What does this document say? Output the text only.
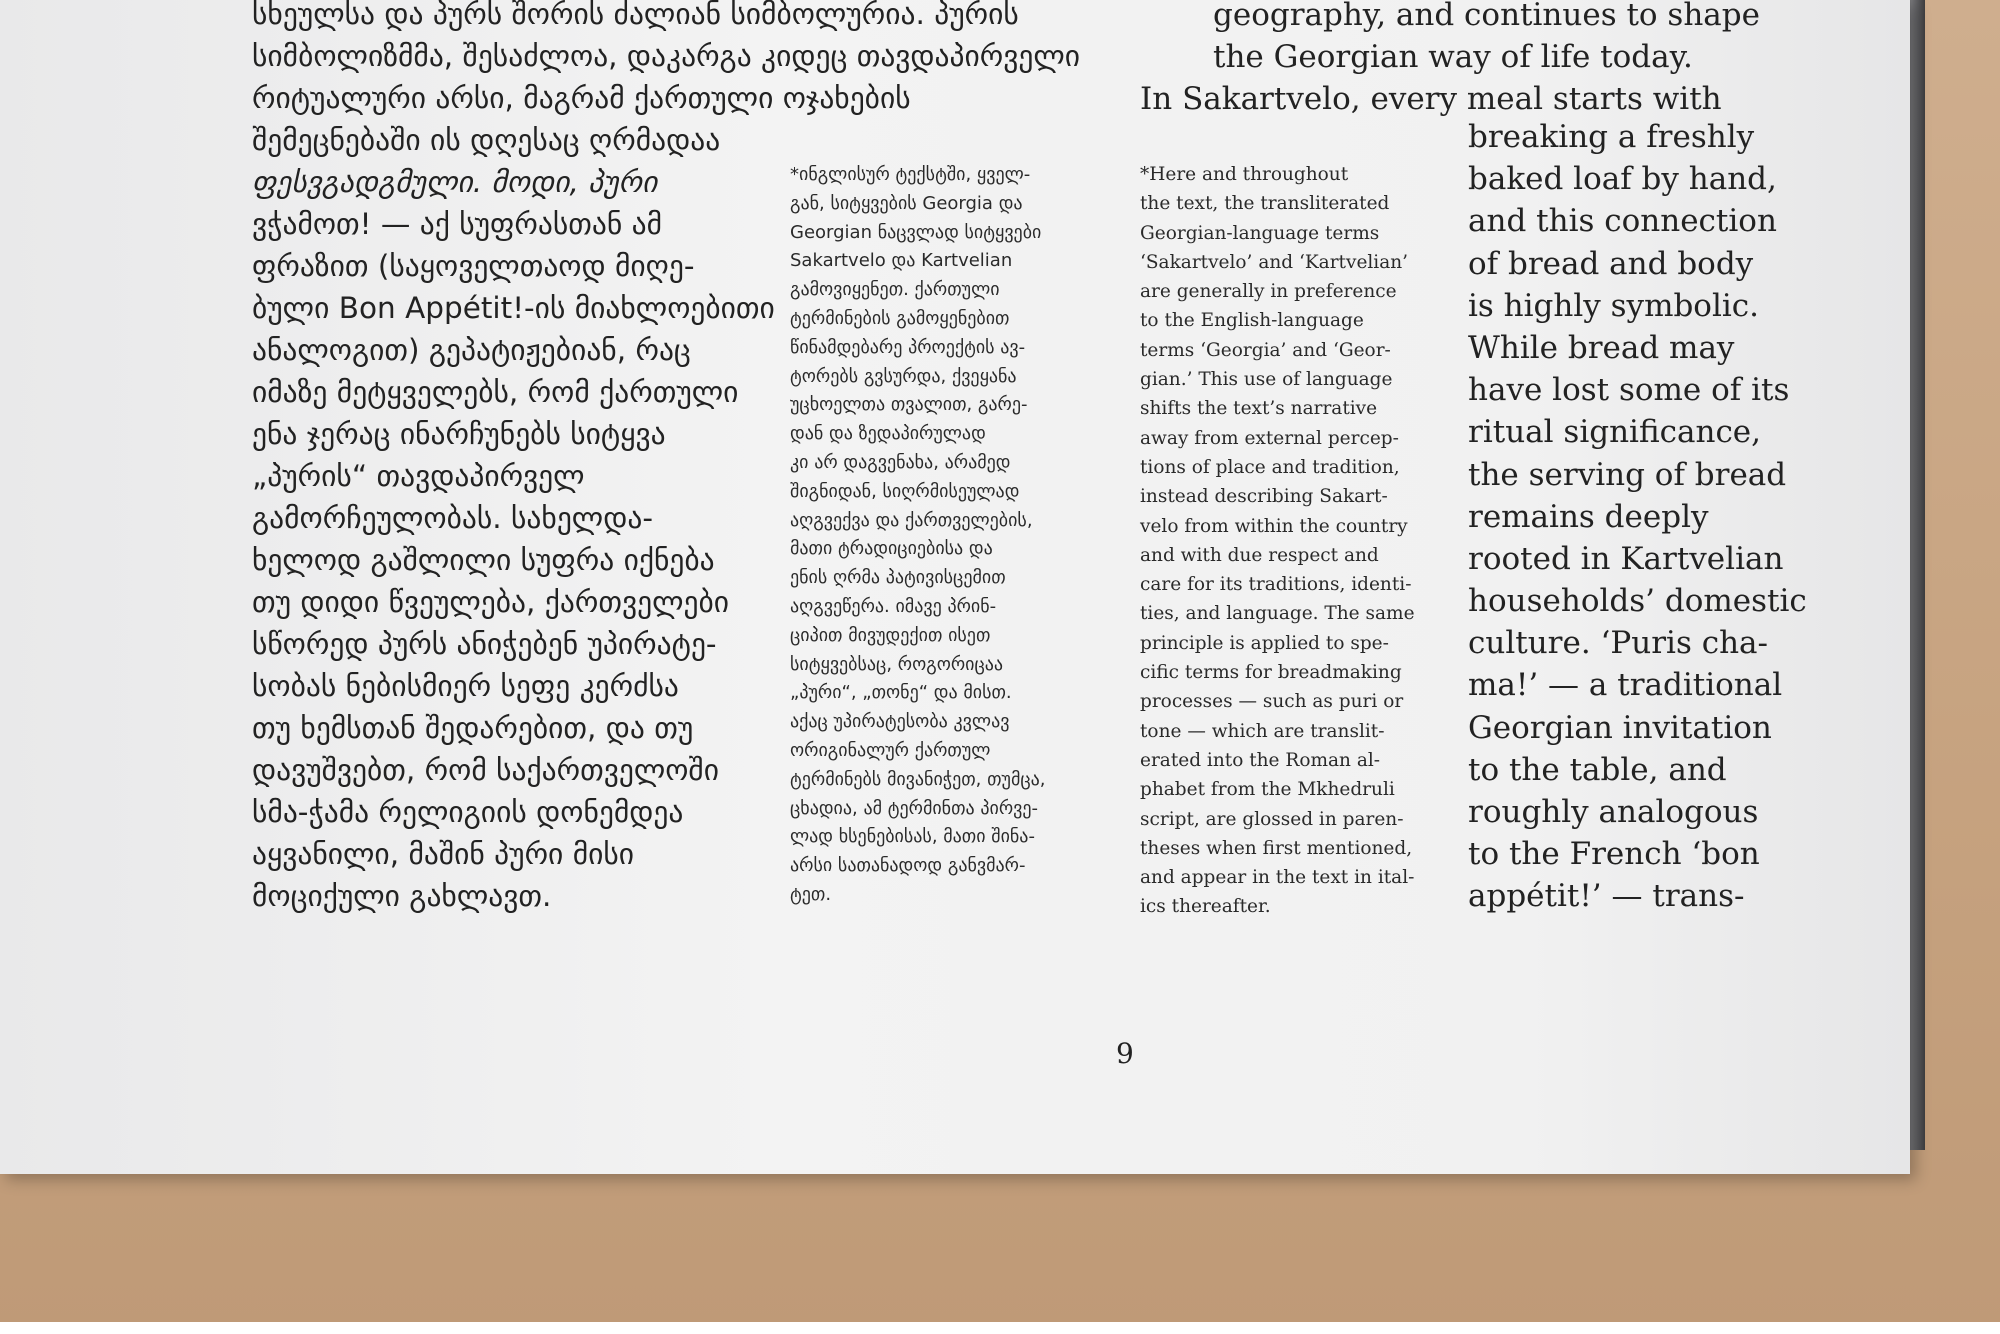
სხეულსა და პურს შორის ძალიან სიმბოლურია. პურის
სიმბოლიზმმა, შესაძლოა, დაკარგა კიდეც თავდაპირველი
რიტუალური არსი, მაგრამ ქართული ოჯახების
შემეცნებაში ის დღესაც ღრმადაა
ფესვგადგმული. მოდი, პური
ვჭამოთ! — აქ სუფრასთან ამ
ფრაზით (საყოველთაოდ მიღე-
ბული Bon Appétit!-ის მიახლოებითი
ანალოგით) გეპატიჟებიან, რაც
იმაზე მეტყველებს, რომ ქართული
ენა ჯერაც ინარჩუნებს სიტყვა
„პურის“ თავდაპირველ
გამორჩეულობას. სახელდა-
ხელოდ გაშლილი სუფრა იქნება
თუ დიდი წვეულება, ქართველები
სწორედ პურს ანიჭებენ უპირატე-
სობას ნებისმიერ სეფე კერძსა
თუ ხემსთან შედარებით, და თუ
დავუშვებთ, რომ საქართველოში
სმა-ჭამა რელიგიის დონემდეა
აყვანილი, მაშინ პური მისი
მოციქული გახლავთ.
*ინგლისურ ტექსტში, ყველ-
გან, სიტყვების Georgia და
Georgian ნაცვლად სიტყვები
Sakartvelo და Kartvelian
გამოვიყენეთ. ქართული
ტერმინების გამოყენებით
წინამდებარე პროექტის ავ-
ტორებს გვსურდა, ქვეყანა
უცხოელთა თვალით, გარე-
დან და ზედაპირულად
კი არ დაგვენახა, არამედ
შიგნიდან, სიღრმისეულად
აღგვექვა და ქართველების,
მათი ტრადიციებისა და
ენის ღრმა პატივისცემით
აღგვეწერა. იმავე პრინ-
ციპით მივუდექით ისეთ
სიტყვებსაც, როგორიცაა
„პური“, „თონე“ და მისთ.
აქაც უპირატესობა კვლავ
ორიგინალურ ქართულ
ტერმინებს მივანიჭეთ, თუმცა,
ცხადია, ამ ტერმინთა პირვე-
ლად ხსენებისას, მათი შინა-
არსი სათანადოდ განვმარ-
ტეთ.
*Here and throughout
the text, the transliterated
Georgian-language terms
‘Sakartvelo’ and ‘Kartvelian’
are generally in preference
to the English-language
terms ‘Georgia’ and ‘Geor-
gian.’ This use of language
shifts the text’s narrative
away from external percep-
tions of place and tradition,
instead describing Sakart-
velo from within the country
and with due respect and
care for its traditions, identi-
ties, and language. The same
principle is applied to spe-
cific terms for breadmaking
processes — such as puri or
tone — which are translit-
erated into the Roman al-
phabet from the Mkhedruli
script, are glossed in paren-
theses when first mentioned,
and appear in the text in ital-
ics thereafter.
geography, and continues to shape
the Georgian way of life today.
In Sakartvelo, every meal starts with
breaking a freshly
baked loaf by hand,
and this connection
of bread and body
is highly symbolic.
While bread may
have lost some of its
ritual significance,
the serving of bread
remains deeply
rooted in Kartvelian
households’ domestic
culture. ‘Puris cha-
ma!’ — a traditional
Georgian invitation
to the table, and
roughly analogous
to the French ‘bon
appétit!’ — trans-
9
